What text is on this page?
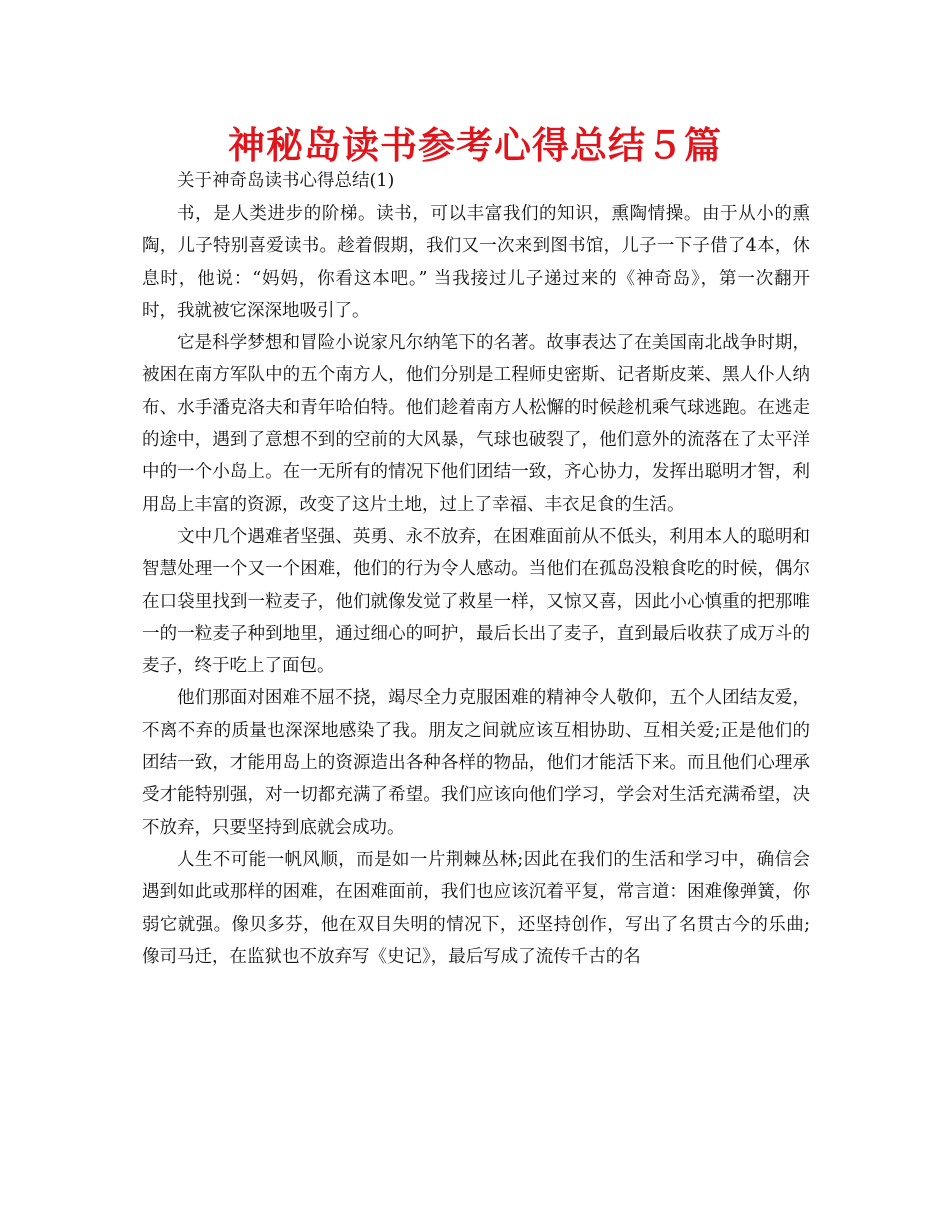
神秘岛读书参考心得总结５篇
关于神奇岛读书心得总结(1)

书，是人类进步的阶梯。读书，可以丰富我们的知识，熏陶情操。由于从小的熏陶，儿子特别喜爱读书。趁着假期，我们又一次来到图书馆，儿子一下子借了4本，休息时，他说：“妈妈，你看这本吧。” 当我接过儿子递过来的《神奇岛》，第一次翻开时，我就被它深深地吸引了。

它是科学梦想和冒险小说家凡尔纳笔下的名著。故事表达了在美国南北战争时期，被困在南方军队中的五个南方人，他们分别是工程师史密斯、记者斯皮莱、黑人仆人纳布、水手潘克洛夫和青年哈伯特。他们趁着南方人松懈的时候趁机乘气球逃跑。在逃走的途中，遇到了意想不到的空前的大风暴，气球也破裂了，他们意外的流落在了太平洋中的一个小岛上。在一无所有的情况下他们团结一致，齐心协力，发挥出聪明才智，利用岛上丰富的资源，改变了这片土地，过上了幸福、丰衣足食的生活。

文中几个遇难者坚强、英勇、永不放弃，在困难面前从不低头，利用本人的聪明和智慧处理一个又一个困难，他们的行为令人感动。当他们在孤岛没粮食吃的时候，偶尔在口袋里找到一粒麦子，他们就像发觉了救星一样，又惊又喜，因此小心慎重的把那唯一的一粒麦子种到地里，通过细心的呵护，最后长出了麦子，直到最后收获了成万斗的麦子，终于吃上了面包。

他们那面对困难不屈不挠，竭尽全力克服困难的精神令人敬仰，五个人团结友爱，不离不弃的质量也深深地感染了我。朋友之间就应该互相协助、互相关爱;正是他们的团结一致，才能用岛上的资源造出各种各样的物品，他们才能活下来。而且他们心理承受才能特别强，对一切都充满了希望。我们应该向他们学习，学会对生活充满希望，决不放弃，只要坚持到底就会成功。

人生不可能一帆风顺，而是如一片荆棘丛林;因此在我们的生活和学习中，确信会遇到如此或那样的困难，在困难面前，我们也应该沉着平复，常言道：困难像弹簧，你弱它就强。像贝多芬，他在双目失明的情况下，还坚持创作，写出了名贯古今的乐曲;像司马迁，在监狱也不放弃写《史记》，最后写成了流传千古的名
